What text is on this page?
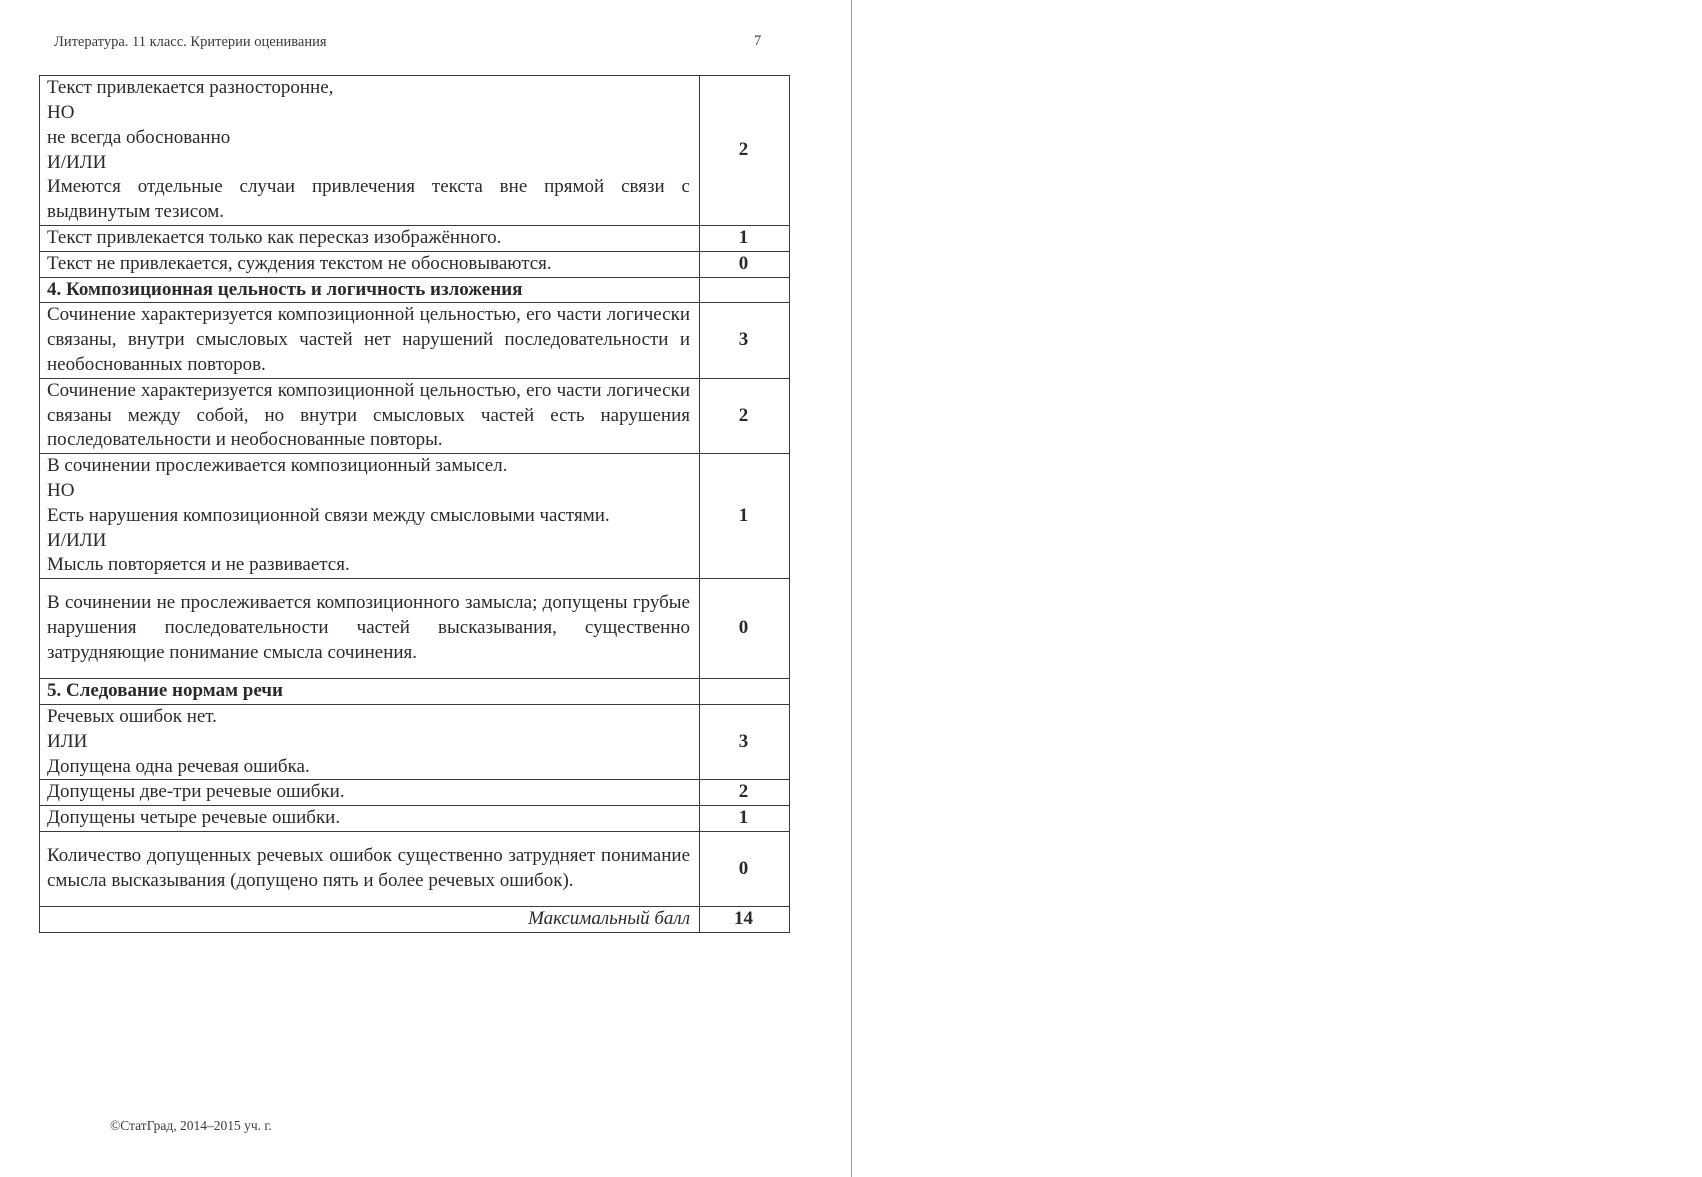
Литература. 11 класс. Критерии оценивания	7
Текст привлекается разносторонне,
НО
не всегда обоснованно
И/ИЛИ
Имеются отдельные случаи привлечения текста вне прямой связи с выдвинутым тезисом.	2
Текст привлекается только как пересказ изображённого.	1
Текст не привлекается, суждения текстом не обосновываются.	0
4. Композиционная цельность и логичность изложения	
Сочинение характеризуется композиционной цельностью, его части логически связаны, внутри смысловых частей нет нарушений последовательности и необоснованных повторов.	3
Сочинение характеризуется композиционной цельностью, его части логически связаны между собой, но внутри смысловых частей есть нарушения последовательности и необоснованные повторы.	2

В сочинении прослеживается композиционный замысел.
НО
Есть нарушения композиционной связи между смысловыми частями.
И/ИЛИ
Мысль повторяется и не развивается.	1
В сочинении не прослеживается композиционного замысла; допущены грубые нарушения последовательности частей высказывания, существенно затрудняющие понимание смысла сочинения.	0
5. Следование нормам речи	

Речевых ошибок нет.
ИЛИ
Допущена одна речевая ошибка.	3
Допущены две-три речевые ошибки.	2
Допущены четыре речевые ошибки.	1
Количество допущенных речевых ошибок существенно затрудняет понимание смысла высказывания (допущено пять и более речевых ошибок).	0
Максимальный балл	14
©СтатГрад, 2014–2015 уч. г.
